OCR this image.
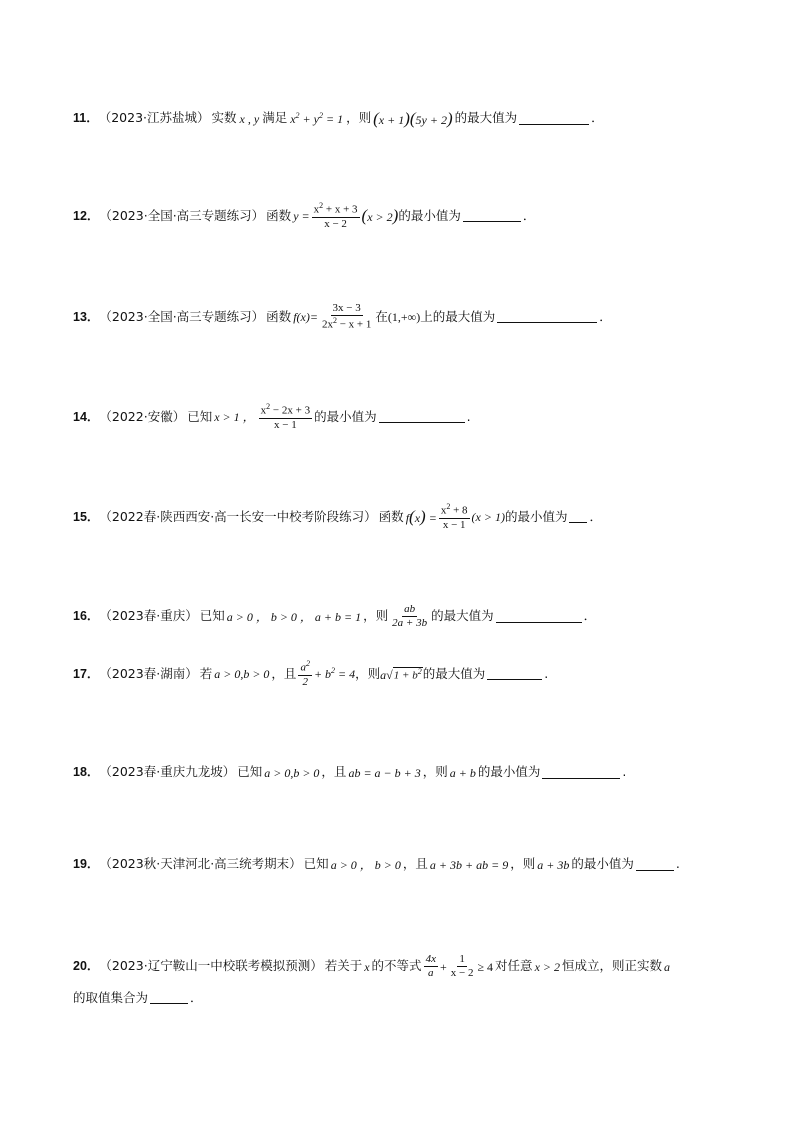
11． （2023·江苏盐城） 实数 x , y 满足 $x^2 + y^2 = 1$ ，则 (x + 1)(5y + 2) 的最大值为	．
12． （2023·全国·高三专题练习） 函数 $y = \frac{x^2 + x + 3}{x - 2} (x > 2)$ 的最小值为	．
13． （2023·全国·高三专题练习） 函数 $f(x)= \frac{3x - 3}{2x^2 - x + 1}$ 在 (1,+∞) 上的最大值为	．
14． （2022·安徽） 已知 x > 1 ， $\frac{x^2 - 2x + 3}{x - 1}$ 的最小值为	.
15． （2022春·陕西西安·高一长安一中校考阶段练习） 函数 $f(x) = \frac{x^2 + 8}{x - 1} (x > 1)$ 的最小值为 ．
16． （2023春·重庆） 已知 a > 0 ， b > 0 ， a + b = 1 ，则 $\frac{ab}{2a + 3b}$ 的最大值为	．
17． （2023春·湖南） 若 a > 0,b > 0 ，且 $\frac{a^2}{2} + b^2 = 4$ ，则 a√ $1 + b^2$ 的最大值为	.
18． （2023春·重庆九龙坡） 已知 a > 0,b > 0 ，且 ab = a − b + 3 ，则 a + b 的最小值为	.
19． （2023秋·天津河北·高三统考期末） 已知 a > 0 ， b > 0 ，且 a + 3b + ab = 9 ，则 a + 3b 的最小值为	.
20． （2023·辽宁鞍山一中校联考模拟预测） 若关于 x 的不等式 $\frac{4x}{a} + \frac{1}{x - 2} \ge 4$ 对任意 x > 2 恒成立，则正实数 a
的取值集合为	．
